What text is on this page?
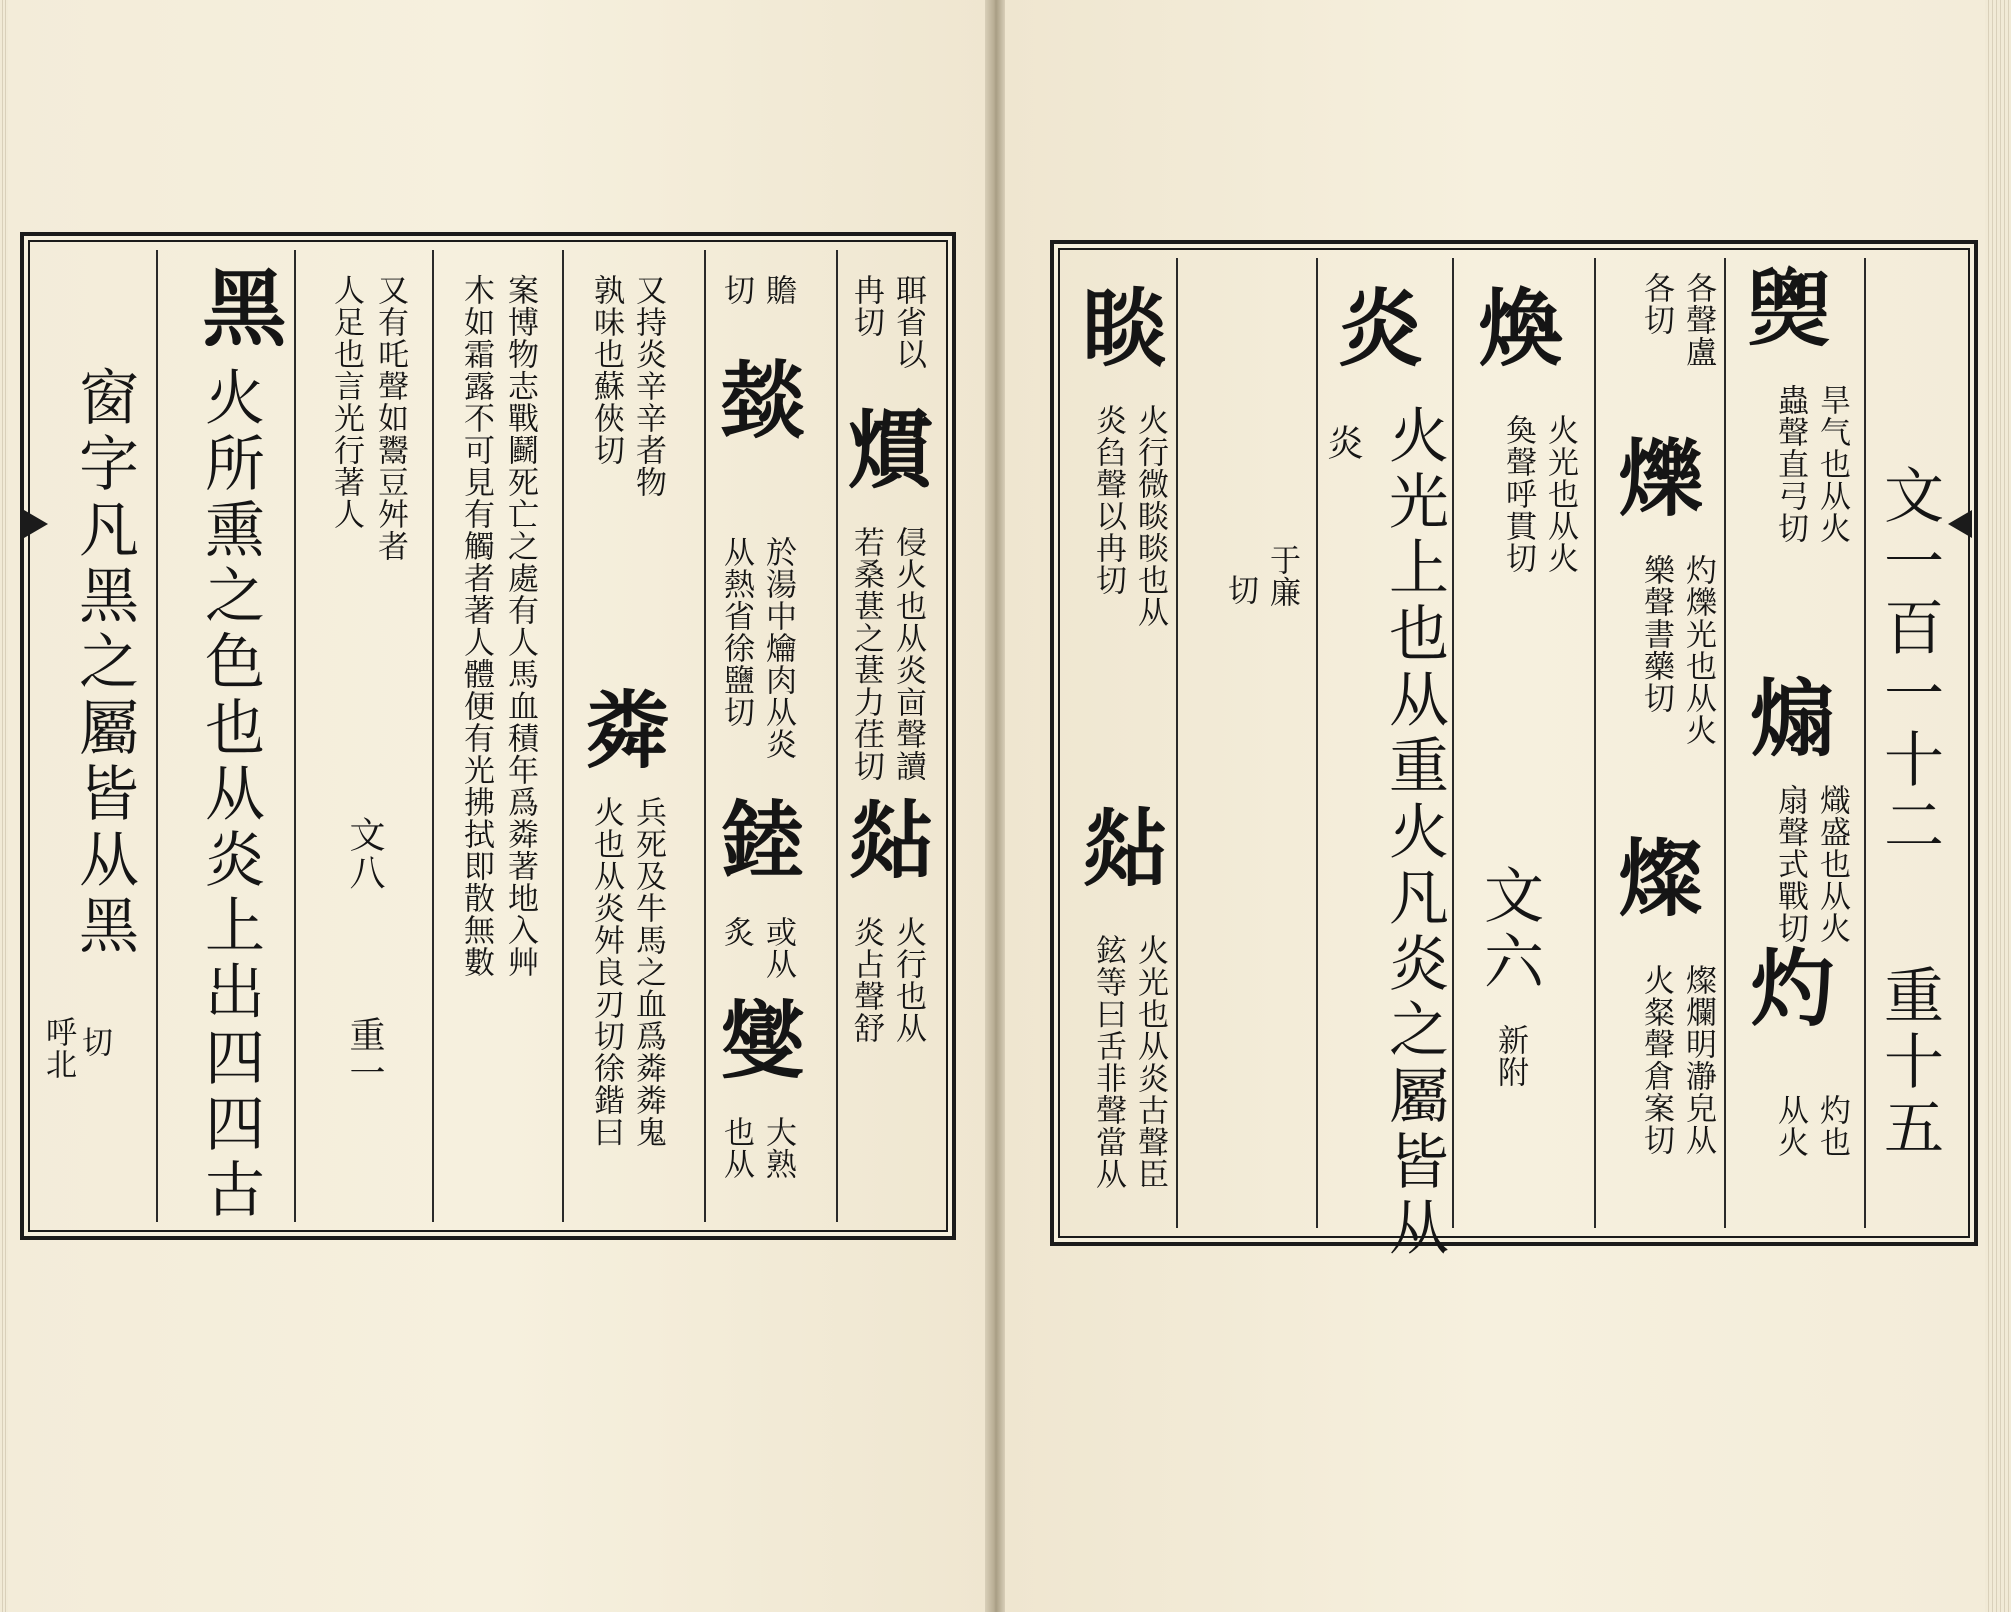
聑省以
冉切
𤎽
侵火也从炎㐭聲讀
若桑葚之葚力荏切
煔
火行也从
炎占聲舒
贍
切
燅
於湯中爚肉从炎
从熱省徐鹽切
錴
或从
炙
燮
大熟
也从
又持炎辛辛者物
孰味也蘇俠切
粦
兵死及牛馬之血爲粦粦鬼
火也从炎舛良刃切徐鍇曰
案博物志戰鬬死亡之處有人馬血積年爲粦著地入艸
木如霜露不可見有觸者著人體便有光拂拭即散無數
又有吒聲如鬻豆舛者
人足也言光行著人
文八
重一
黑
火所熏之色也从炎上出四四古
窗字凡黑之屬皆从黑
呼北 切
文一百一十二
重十五
𤐫
旱气也从火
蟲聲直弓切
煽
熾盛也从火
扇聲式戰切
灼
灼也
从火
各聲盧
各切
爍
灼爍光也从火
樂聲書藥切
燦
燦爛明瀞皃从
火粲聲倉案切
煥
火光也从火
奐聲呼貫切
文六
新附
炎
火光上也从重火凡炎之屬皆从
炎
于廉
切
睒
火行微睒睒也从
炎臽聲以冉切
煔
火光也从炎古聲臣
鉉等曰舌非聲當从
